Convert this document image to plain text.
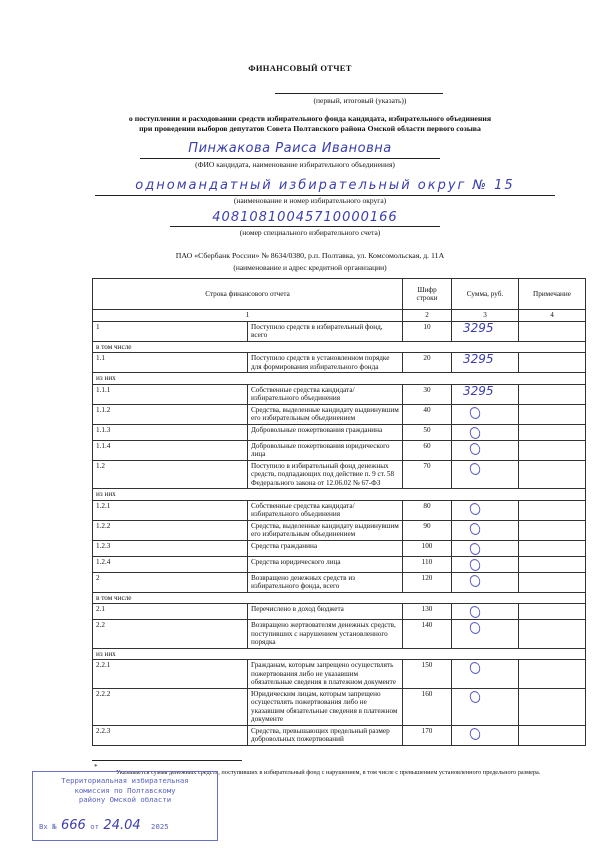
ФИНАНСОВЫЙ ОТЧЕТ
(первый, итоговый (указать))
о поступлении и расходовании средств избирательного фонда кандидата, избирательного объединения
при проведении выборов депутатов Совета Полтавского района Омской области первого созыва
Пинжакова Раиса Ивановна
(ФИО кандидата, наименование избирательного объединения)
одномандатный избирательный округ № 15
(наименование и номер избирательного округа)
40810810045710000166
(номер специального избирательного счета)
ПАО «Сбербанк России» № 8634/0380, р.п. Полтавка, ул. Комсомольская, д. 11А
(наименование и адрес кредитной организации)
Строка финансового отчета		Шифр строки	Сумма, руб.	Примечание
1		2	3	4
1	Поступило средств в избирательный фонд, всего	10	3295	
в том числе				
1.1	Поступило средств в установленном порядке для формирования избирательного фонда	20	3295	
из них				
1.1.1	Собственные средства кандидата/ избирательного объединения	30	3295	
1.1.2	Средства, выделенные кандидату выдвинувшим его избирательным объединением	40		
1.1.3	Добровольные пожертвования гражданина	50		
1.1.4	Добровольные пожертвования юридического лица	60		
1.2	Поступило в избирательный фонд денежных средств, подпадающих под действие п. 9 ст. 58 Федерального закона от 12.06.02 № 67-ФЗ	70		
из них				
1.2.1	Собственные средства кандидата/ избирательного объединения	80		
1.2.2	Средства, выделенные кандидату выдвинувшим его избирательным объединением	90		
1.2.3	Средства гражданина	100		
1.2.4	Средства юридического лица	110		
2	Возвращено денежных средств из избирательного фонда, всего	120		
в том числе				
2.1	Перечислено в доход бюджета	130		
2.2	Возвращено жертвователям денежных средств, поступивших с нарушением установленного порядка	140		
из них				
2.2.1	Гражданам, которым запрещено осуществлять пожертвования либо не указавшим обязательные сведения в платежном документе	150		
2.2.2	Юридическим лицам, которым запрещено осуществлять пожертвования либо не указавшим обязательные сведения в платежном документе	160		
2.2.3	Средства, превышающих предельный размер добровольных пожертвований	170		
*
Указывается сумма денежных средств, поступивших в избирательный фонд с нарушением, в том числе с превышением установленного предельного размера.
Территориальная избирательная
комиссия по Полтавскому
району Омской области
Вх № 666 от 24.04 2025
